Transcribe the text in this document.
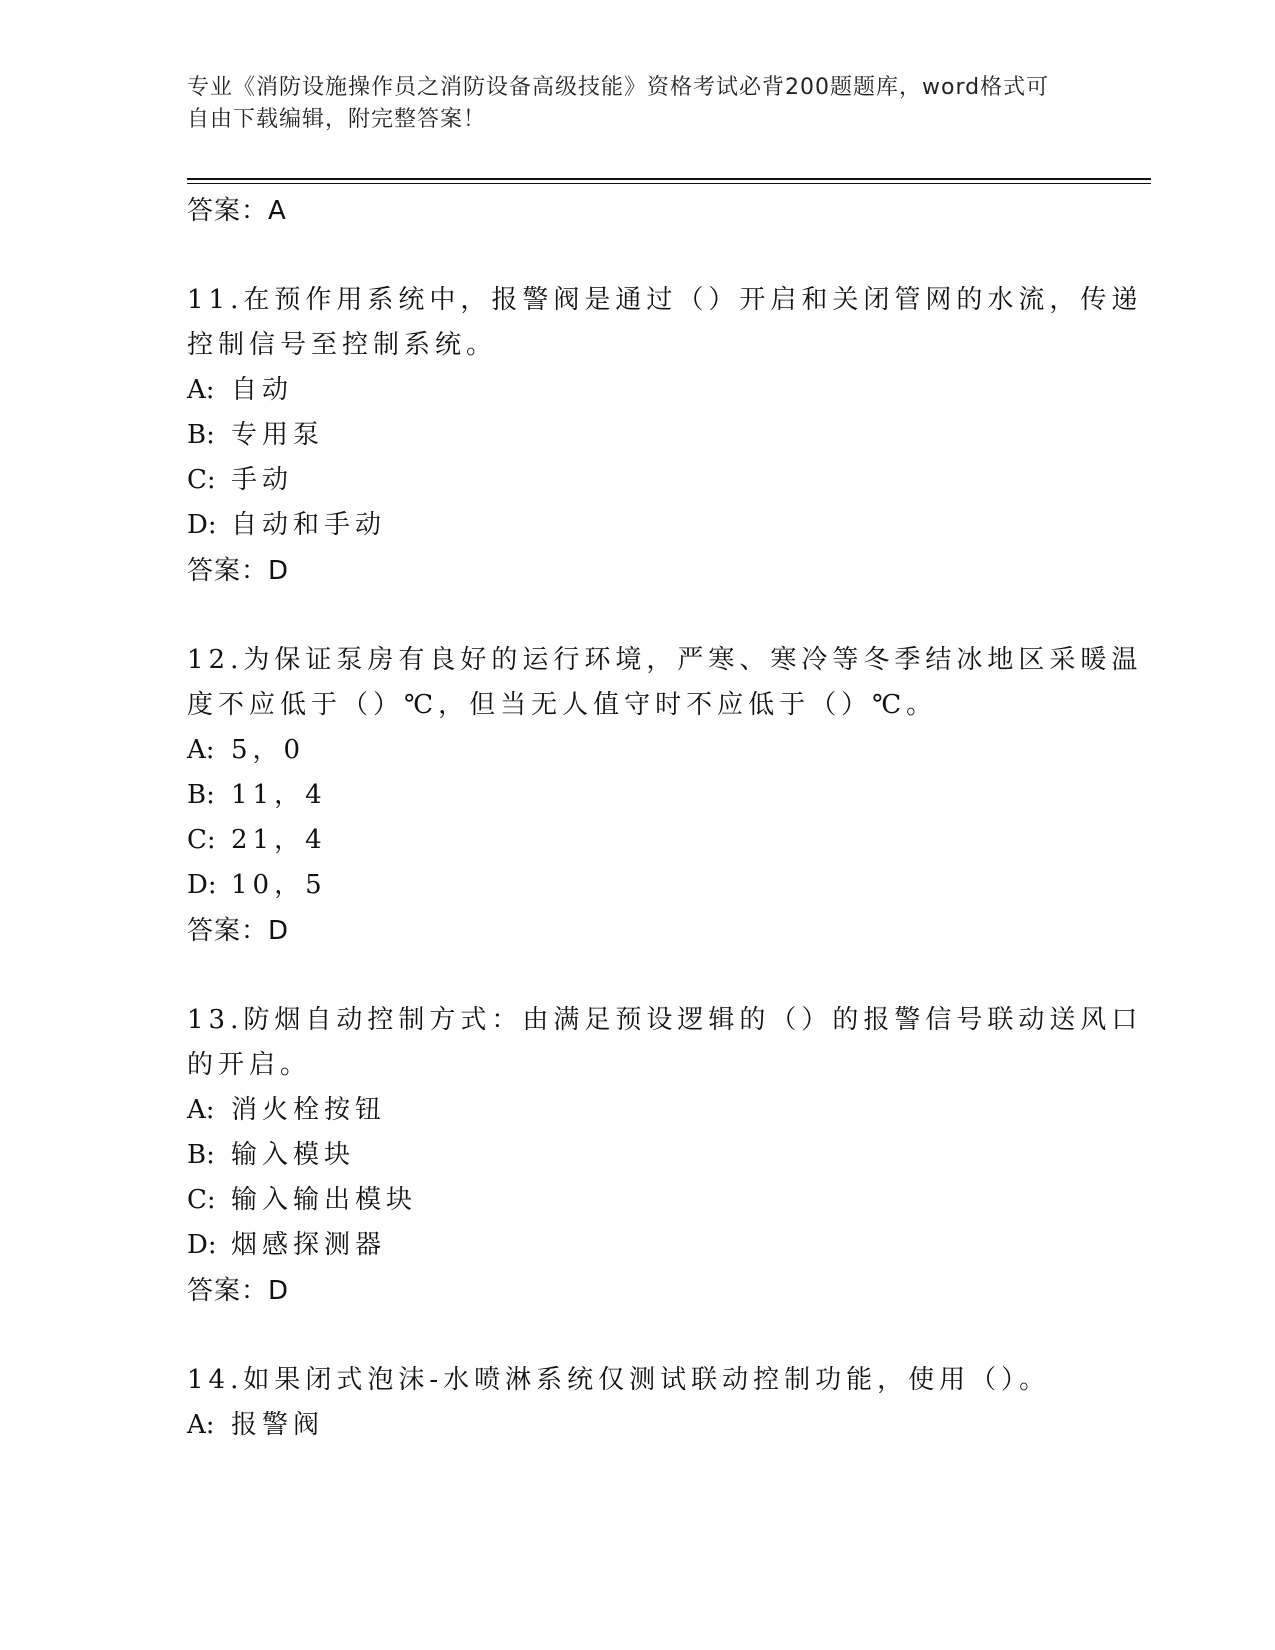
专业《消防设施操作员之消防设备高级技能》资格考试必背200题题库，word格式可自由下载编辑，附完整答案！
答案：A
11.在预作用系统中，报警阀是通过（）开启和关闭管网的水流，传递控制信号至控制系统。
A: 自动
B: 专用泵
C: 手动
D: 自动和手动
答案：D
12.为保证泵房有良好的运行环境，严寒、寒冷等冬季结冰地区采暖温度不应低于（）℃，但当无人值守时不应低于（）℃。
A: 5，0
B: 11，4
C: 21，4
D: 10，5
答案：D
13.防烟自动控制方式：由满足预设逻辑的（）的报警信号联动送风口的开启。
A: 消火栓按钮
B: 输入模块
C: 输入输出模块
D: 烟感探测器
答案：D
14.如果闭式泡沫-水喷淋系统仅测试联动控制功能，使用（）。
A: 报警阀
